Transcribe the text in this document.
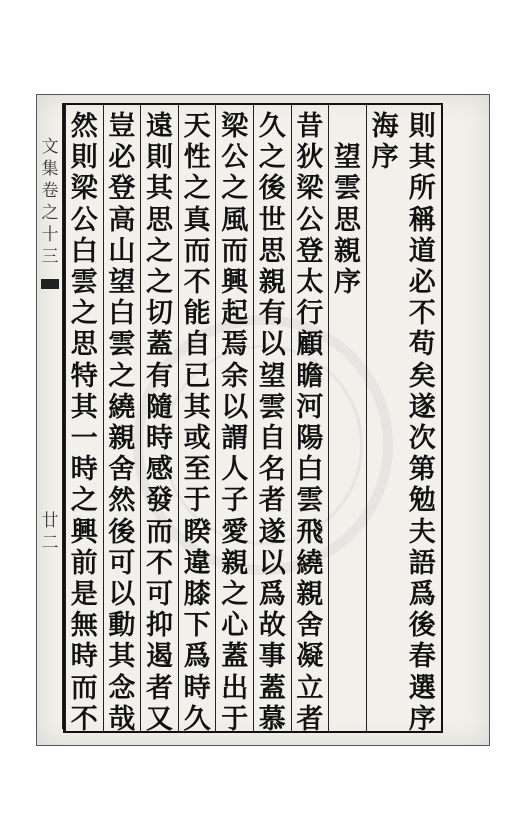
則
其
所
稱
道
必
不
苟
矣
遂
次
第
勉
夫
語
爲
後
春
選
序
海
序

望
雲
思
親
序
昔
狄
梁
公
登
太
行
顧
瞻
河
陽
白
雲
飛
繞
親
舍
凝
立
者
久
之
後
世
思
親
有
以
望
雲
自
名
者
遂
以
爲
故
事
蓋
慕
梁
公
之
風
而
興
起
焉
余
以
謂
人
子
愛
親
之
心
蓋
出
于
天
性
之
真
而
不
能
自
已
其
或
至
于
睽
違
膝
下
爲
時
久
遠
則
其
思
之
之
切
蓋
有
隨
時
感
發
而
不
可
抑
遏
者
又
豈
必
登
高
山
望
白
雲
之
繞
親
舍
然
後
可
以
動
其
念
哉
然
則
梁
公
白
雲
之
思
特
其
一
時
之
興
前
是
無
時
而
不
文
集
卷
之
十
三
廿
二
